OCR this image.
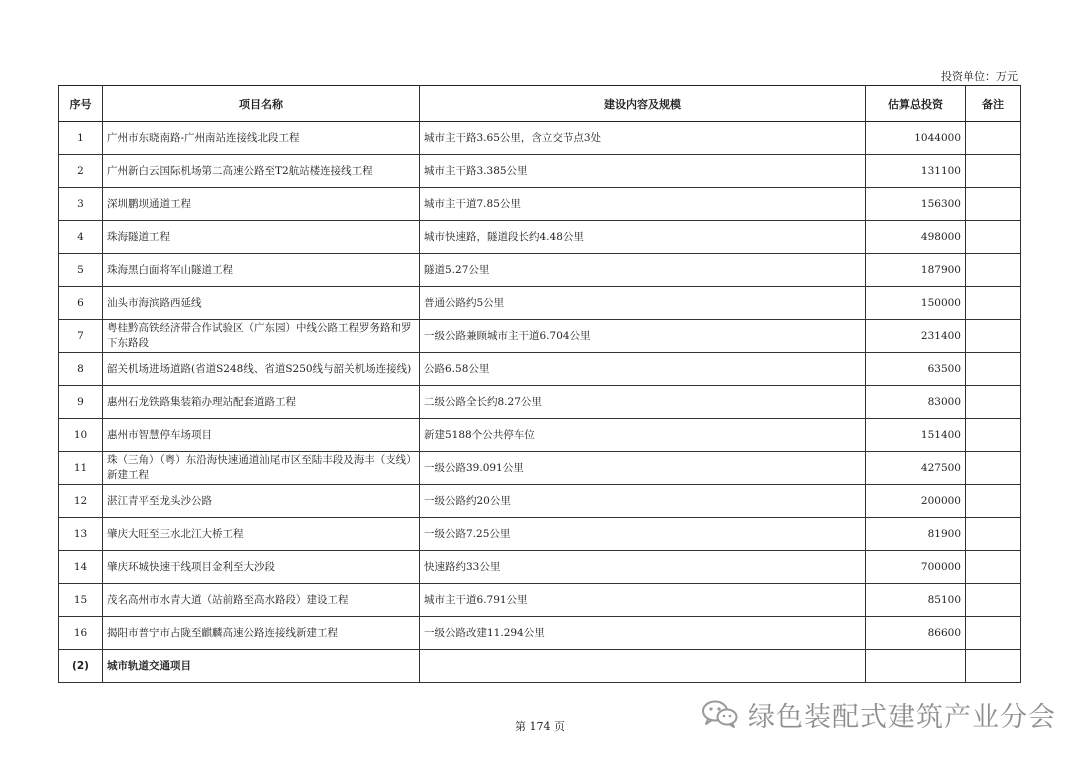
投资单位：万元
序号	项目名称	建设内容及规模	估算总投资	备注
1	广州市东晓南路-广州南站连接线北段工程	城市主干路3.65公里，含立交节点3处	1044000	
2	广州新白云国际机场第二高速公路至T2航站楼连接线工程	城市主干路3.385公里	131100	
3	深圳鹏坝通道工程	城市主干道7.85公里	156300	
4	珠海隧道工程	城市快速路，隧道段长约4.48公里	498000	
5	珠海黑白面将军山隧道工程	隧道5.27公里	187900	
6	汕头市海滨路西延线	普通公路约5公里	150000	
7	粤桂黔高铁经济带合作试验区（广东园）中线公路工程罗务路和罗下东路段	一级公路兼顾城市主干道6.704公里	231400	
8	韶关机场进场道路(省道S248线、省道S250线与韶关机场连接线)	公路6.58公里	63500	
9	惠州石龙铁路集装箱办理站配套道路工程	二级公路全长约8.27公里	83000	
10	惠州市智慧停车场项目	新建5188个公共停车位	151400	
11	珠（三角）（粤）东沿海快速通道汕尾市区至陆丰段及海丰（支线）新建工程	一级公路39.091公里	427500	
12	湛江青平至龙头沙公路	一级公路约20公里	200000	
13	肇庆大旺至三水北江大桥工程	一级公路7.25公里	81900	
14	肇庆环城快速干线项目金利至大沙段	快速路约33公里	700000	
15	茂名高州市水青大道（站前路至高水路段）建设工程	城市主干道6.791公里	85100	
16	揭阳市普宁市占陇至麒麟高速公路连接线新建工程	一级公路改建11.294公里	86600	
(2)	城市轨道交通项目			
第 174 页	绿色装配式建筑产业分会
